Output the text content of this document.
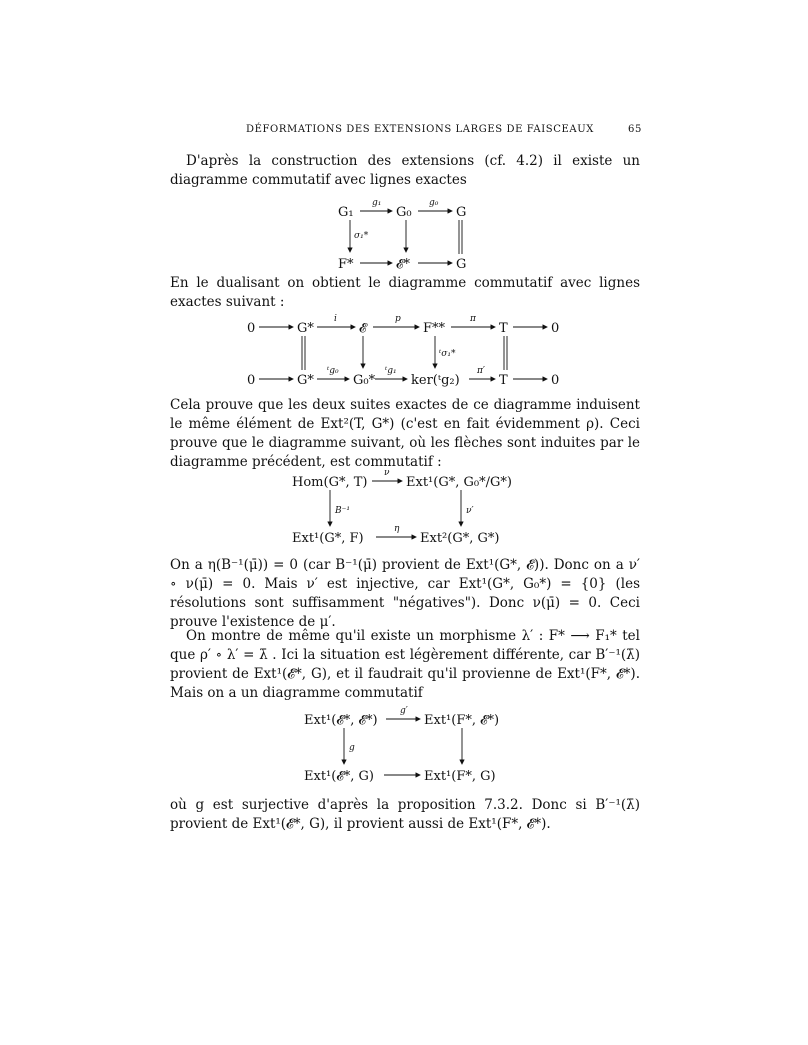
DÉFORMATIONS DES EXTENSIONS LARGES DE FAISCEAUX	65

D'après la construction des extensions (cf. 4.2) il existe un diagramme commutatif avec lignes exactes

G₁	G₀	G
F*	𝓔*	G
g₁	g₀
σ₁*

En le dualisant on obtient le diagramme commutatif avec lignes exactes suivant :

0	G*	𝓔	F**	T	0
0	G*	G₀*	ker(ᵗg₂)	T	0
i	p	π
ᵗσ₁*
ᵗg₀	ᵗg₁	π′

Cela prouve que les deux suites exactes de ce diagramme induisent le même élément de Ext²(T, G*) (c'est en fait évidemment ρ). Ceci prouve que le diagramme suivant, où les flèches sont induites par le diagramme précédent, est commutatif :

Hom(G*, T)	Ext¹(G*, G₀*/G*)
Ext¹(G*, F)	Ext²(G*, G*)
ν
B⁻¹	ν′
η

On a η(B⁻¹(μ̄)) = 0 (car B⁻¹(μ̄) provient de Ext¹(G*, 𝓔)). Donc on a ν′ ∘ ν(μ̄) = 0. Mais ν′ est injective, car Ext¹(G*, G₀*) = {0} (les résolutions sont suffisamment "négatives"). Donc ν(μ̄) = 0. Ceci prouve l'existence de μ′.

On montre de même qu'il existe un morphisme λ′ : F* ⟶ F₁* tel que ρ′ ∘ λ′ = λ̄ . Ici la situation est légèrement différente, car B′⁻¹(λ̄) provient de Ext¹(𝓔*, G), et il faudrait qu'il provienne de Ext¹(F*, 𝓔*). Mais on a un diagramme commutatif

Ext¹(𝓔*, 𝓔*)	Ext¹(F*, 𝓔*)
Ext¹(𝓔*, G)	Ext¹(F*, G)
g′
g

où g est surjective d'après la proposition 7.3.2. Donc si B′⁻¹(λ̄) provient de Ext¹(𝓔*, G), il provient aussi de Ext¹(F*, 𝓔*).
